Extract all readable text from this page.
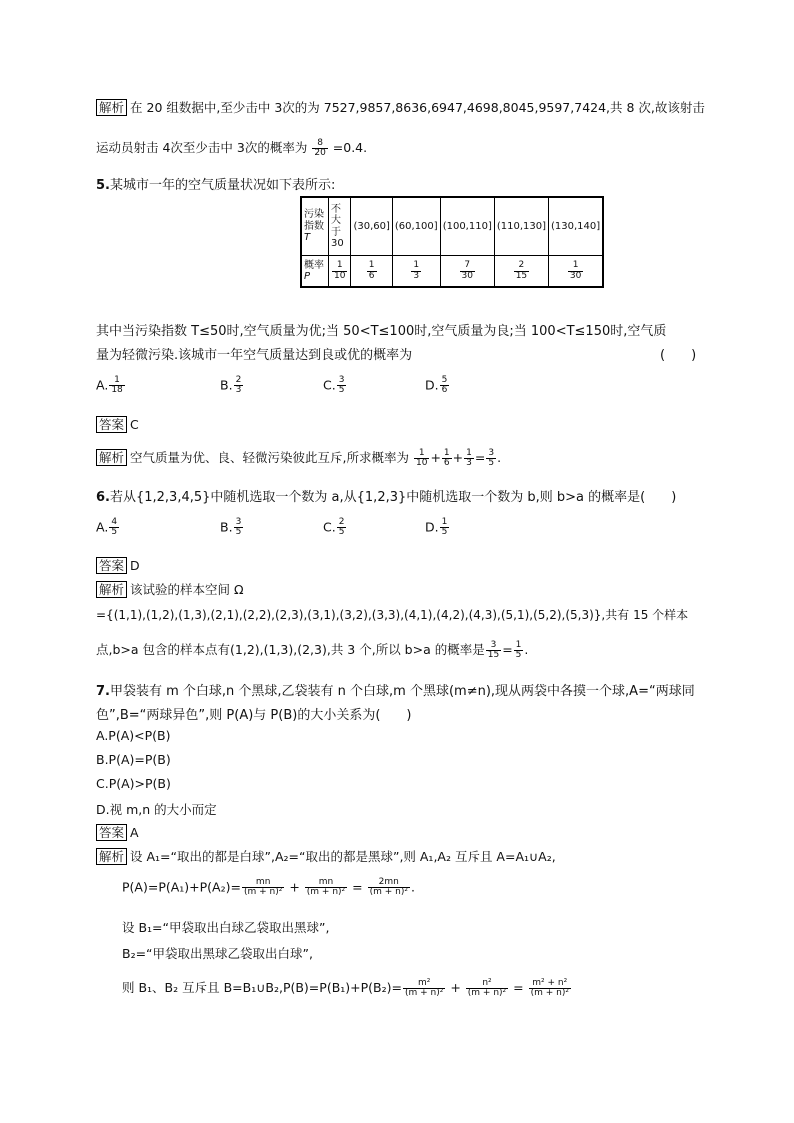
解析 在 20 组数据中,至少击中 3次的为 7527,9857,8636,6947,4698,8045,9597,7424,共 8 次,故该射击
运动员射击 4次至少击中 3次的概率为 $\frac{8}{20} =0.4$.
5.某城市一年的空气质量状况如下表所示:
污染指数 T	不大于30	(30,60]	(60,100]	(100,110]	(110,130]	(130,140]
概率
P	$\frac{1}{10}$	$\frac{1}{6}$	$\frac{1}{3}$	$\frac{7}{30}$	$\frac{2}{15}$	$\frac{1}{30}$
其中当污染指数 T≤50时,空气质量为优;当 50<T≤100时,空气质量为良;当 100<T≤150时,空气质
量为轻微污染.该城市一年空气质量达到良或优的概率为	(　　)
A. $\frac{1}{18}$	B. $\frac{2}{3}$	C. $\frac{3}{5}$	D. $\frac{5}{6}$
答案 C
解析 空气质量为优、良、轻微污染彼此互斥,所求概率为 $\frac{1}{10} + \frac{1}{6} + \frac{1}{3} = \frac{3}{5}$ .
6.若从{1,2,3,4,5}中随机选取一个数为 a,从{1,2,3}中随机选取一个数为 b,则 b>a 的概率是(　　)
A. $\frac{4}{5}$	B. $\frac{3}{5}$	C. $\frac{2}{5}$	D. $\frac{1}{5}$
答案 D
解析 该试验的样本空间 Ω
={(1,1),(1,2),(1,3),(2,1),(2,2),(2,3),(3,1),(3,2),(3,3),(4,1),(4,2),(4,3),(5,1),(5,2),(5,3)},共有 15 个样本
点,b>a 包含的样本点有(1,2),(1,3),(2,3),共 3 个,所以 b>a 的概率是 $\frac{3}{15} = \frac{1}{5}$ .
7.甲袋装有 m 个白球,n 个黑球,乙袋装有 n 个白球,m 个黑球(m≠n),现从两袋中各摸一个球,A=“两球同
色”,B=“两球异色”,则 P(A)与 P(B)的大小关系为(　　)
A.P(A)<P(B)
B.P(A)=P(B)
C.P(A)>P(B)
D.视 m,n 的大小而定
答案 A
解析 设 A₁=“取出的都是白球”,A₂=“取出的都是黑球”,则 A₁,A₂ 互斥且 A=A₁∪A₂,
$P(A)=P(A_1)+P(A_2)= \frac{mn}{\text{(m + n)²}} + \frac{mn}{\text{(m + n)²}} = \frac{2mn}{\text{(m + n)²}}$ .
设 B₁=“甲袋取出白球乙袋取出黑球”,
B₂=“甲袋取出黑球乙袋取出白球”,
则 B₁、B₂ 互斥且 B=B₁∪B₂,P(B)=P(B₁)+P(B₂)= $\frac{\text{m²}}{\text{(m + n)²}} + \frac{\text{n²}}{\text{(m + n)²}} = \frac{\text{m² + n²}}{\text{(m + n)²}}$
